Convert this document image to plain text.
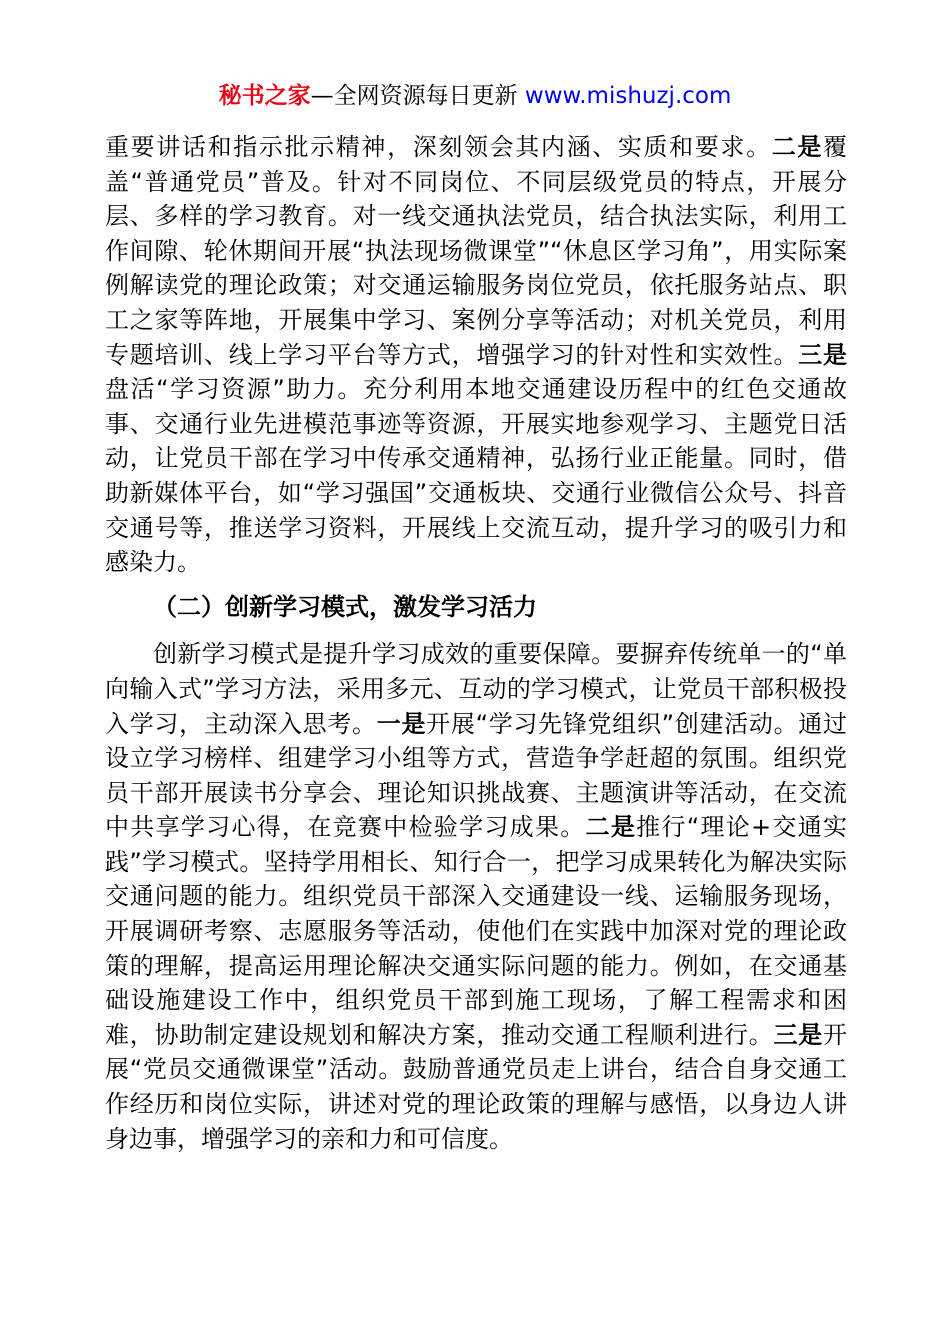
秘书之家—全网资源每日更新 www.mishuzj.com

重要讲话和指示批示精神，深刻领会其内涵、实质和要求。二是覆盖“普通党员”普及。针对不同岗位、不同层级党员的特点，开展分层、多样的学习教育。对一线交通执法党员，结合执法实际，利用工作间隙、轮休期间开展“执法现场微课堂”“休息区学习角”，用实际案例解读党的理论政策；对交通运输服务岗位党员，依托服务站点、职工之家等阵地，开展集中学习、案例分享等活动；对机关党员，利用专题培训、线上学习平台等方式，增强学习的针对性和实效性。三是盘活“学习资源”助力。充分利用本地交通建设历程中的红色交通故事、交通行业先进模范事迹等资源，开展实地参观学习、主题党日活动，让党员干部在学习中传承交通精神，弘扬行业正能量。同时，借助新媒体平台，如“学习强国”交通板块、交通行业微信公众号、抖音交通号等，推送学习资料，开展线上交流互动，提升学习的吸引力和感染力。

（二）创新学习模式，激发学习活力

创新学习模式是提升学习成效的重要保障。要摒弃传统单一的“单向输入式”学习方法，采用多元、互动的学习模式，让党员干部积极投入学习，主动深入思考。一是开展“学习先锋党组织”创建活动。通过设立学习榜样、组建学习小组等方式，营造争学赶超的氛围。组织党员干部开展读书分享会、理论知识挑战赛、主题演讲等活动，在交流中共享学习心得，在竞赛中检验学习成果。二是推行“理论+交通实践”学习模式。坚持学用相长、知行合一，把学习成果转化为解决实际交通问题的能力。组织党员干部深入交通建设一线、运输服务现场，开展调研考察、志愿服务等活动，使他们在实践中加深对党的理论政策的理解，提高运用理论解决交通实际问题的能力。例如，在交通基础设施建设工作中，组织党员干部到施工现场，了解工程需求和困难，协助制定建设规划和解决方案，推动交通工程顺利进行。三是开展“党员交通微课堂”活动。鼓励普通党员走上讲台，结合自身交通工作经历和岗位实际，讲述对党的理论政策的理解与感悟，以身边人讲身边事，增强学习的亲和力和可信度。
